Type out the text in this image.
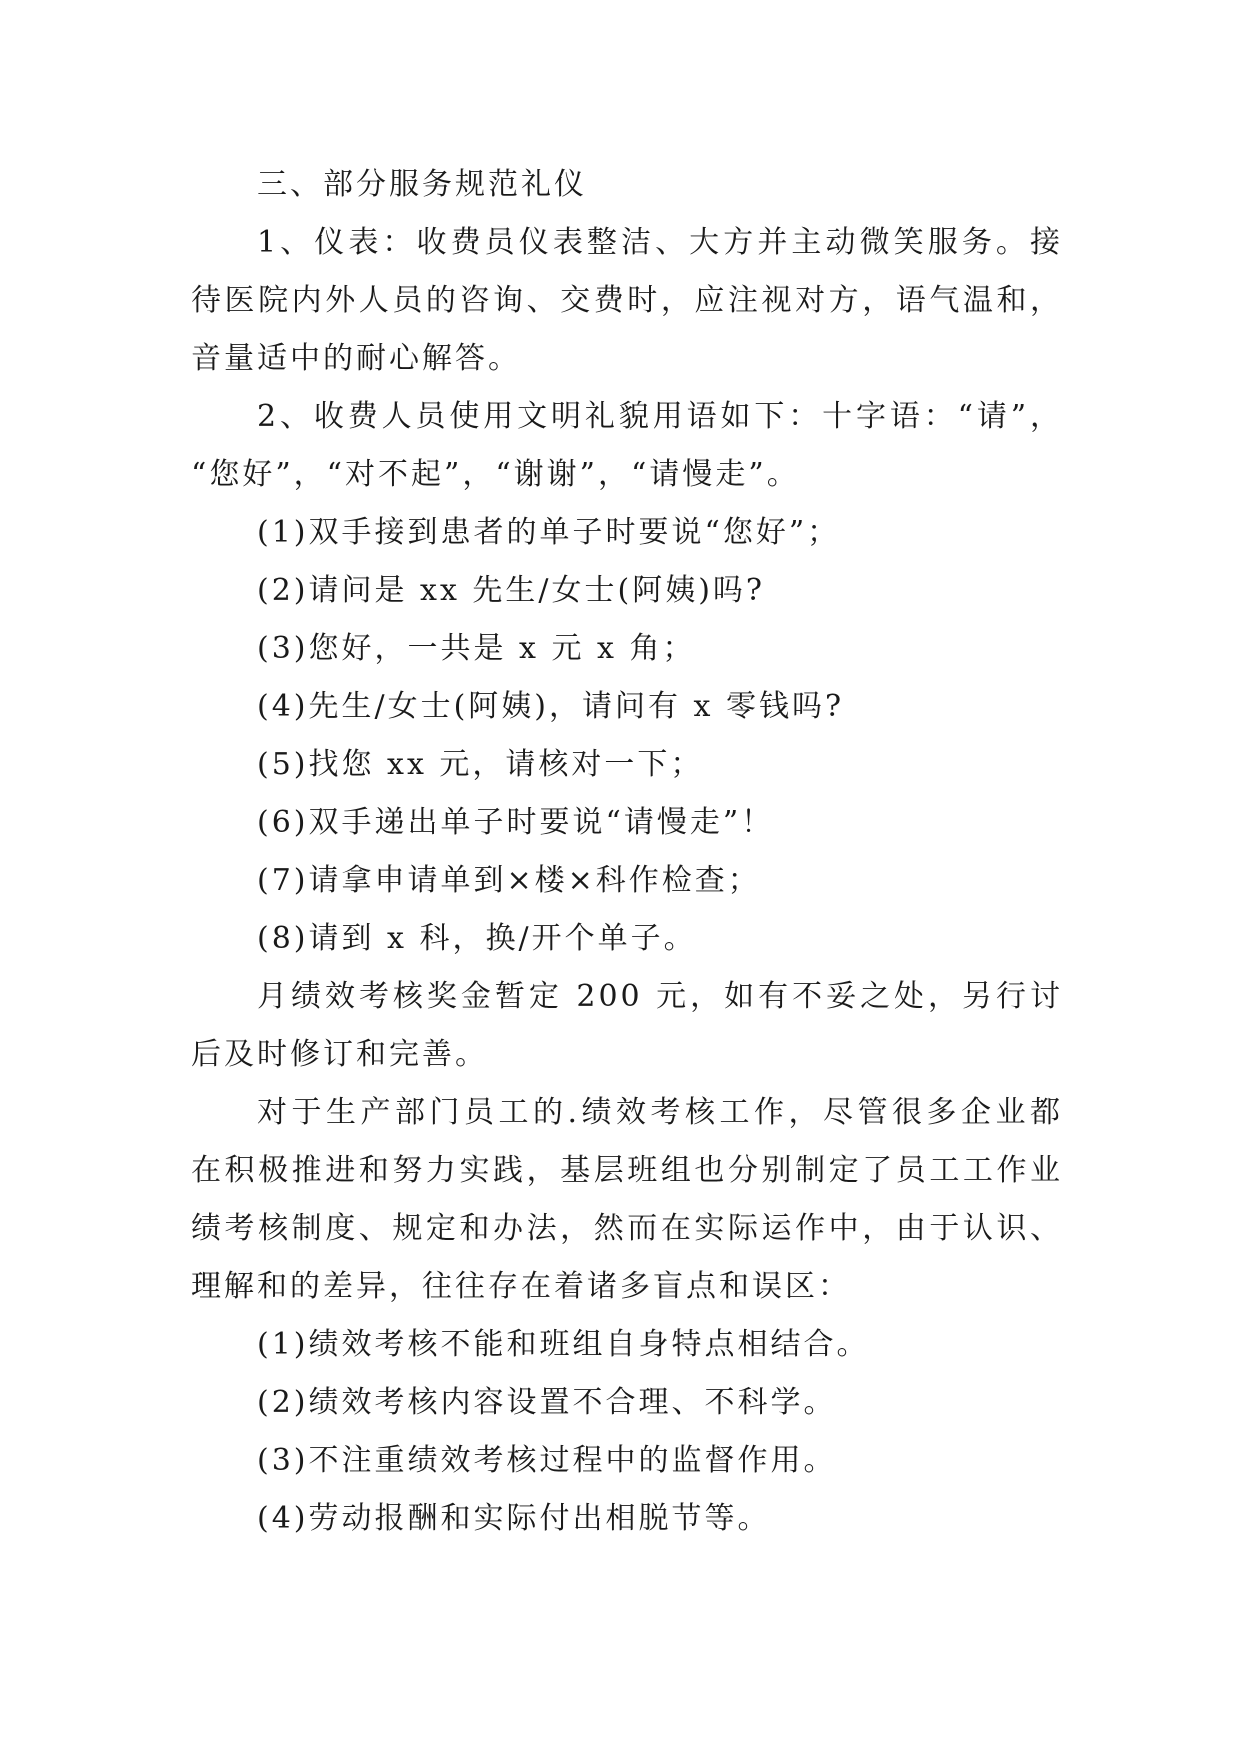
三、部分服务规范礼仪
1、仪表：收费员仪表整洁、大方并主动微笑服务。接
待医院内外人员的咨询、交费时，应注视对方，语气温和，
音量适中的耐心解答。
2、收费人员使用文明礼貌用语如下：十字语：“请”，
“您好”，“对不起”，“谢谢”，“请慢走”。
(1)双手接到患者的单子时要说“您好”；
(2)请问是 xx 先生/女士(阿姨)吗?
(3)您好，一共是 x 元 x 角；
(4)先生/女士(阿姨)，请问有 x 零钱吗?
(5)找您 xx 元，请核对一下；
(6)双手递出单子时要说“请慢走”！
(7)请拿申请单到×楼×科作检查；
(8)请到 x 科，换/开个单子。
月绩效考核奖金暂定 200 元，如有不妥之处，另行讨
后及时修订和完善。
对于生产部门员工的.绩效考核工作，尽管很多企业都
在积极推进和努力实践，基层班组也分别制定了员工工作业
绩考核制度、规定和办法，然而在实际运作中，由于认识、
理解和的差异，往往存在着诸多盲点和误区：
(1)绩效考核不能和班组自身特点相结合。
(2)绩效考核内容设置不合理、不科学。
(3)不注重绩效考核过程中的监督作用。
(4)劳动报酬和实际付出相脱节等。
